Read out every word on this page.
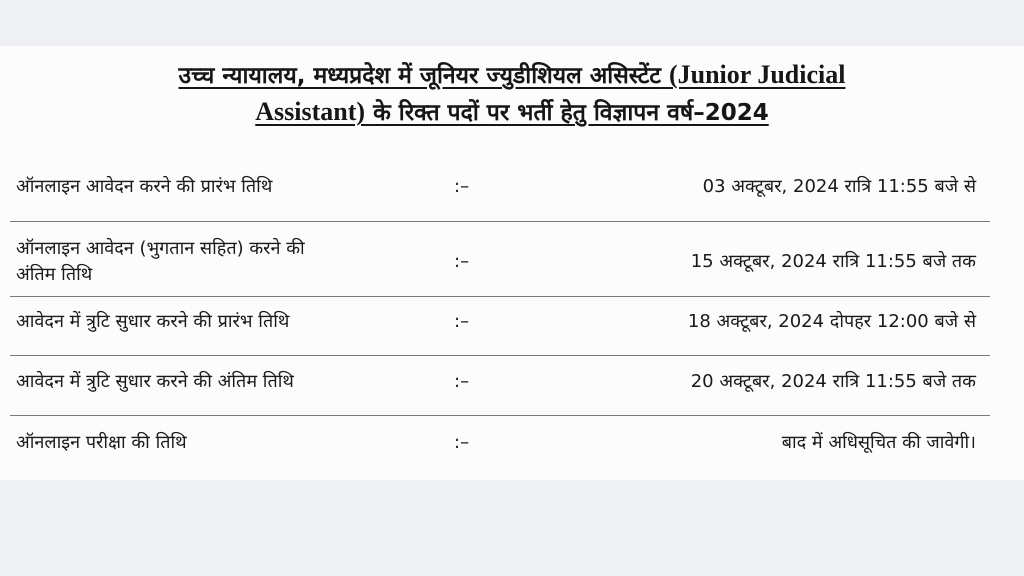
उच्च न्यायालय, मध्यप्रदेश में जूनियर ज्युडीशियल असिस्टेंट (Junior Judicial
Assistant) के रिक्त पदों पर भर्ती हेतु विज्ञापन वर्ष–2024
ऑनलाइन आवेदन करने की प्रारंभ तिथि	:–	03 अक्टूबर, 2024 रात्रि 11:55 बजे से
ऑनलाइन आवेदन (भुगतान सहित) करने की
अंतिम तिथि
:–	15 अक्टूबर, 2024 रात्रि 11:55 बजे तक
आवेदन में त्रुटि सुधार करने की प्रारंभ तिथि	:–	18 अक्टूबर, 2024 दोपहर 12:00 बजे से
आवेदन में त्रुटि सुधार करने की अंतिम तिथि	:–	20 अक्टूबर, 2024 रात्रि 11:55 बजे तक
ऑनलाइन परीक्षा की तिथि	:–	बाद में अधिसूचित की जावेगी।
